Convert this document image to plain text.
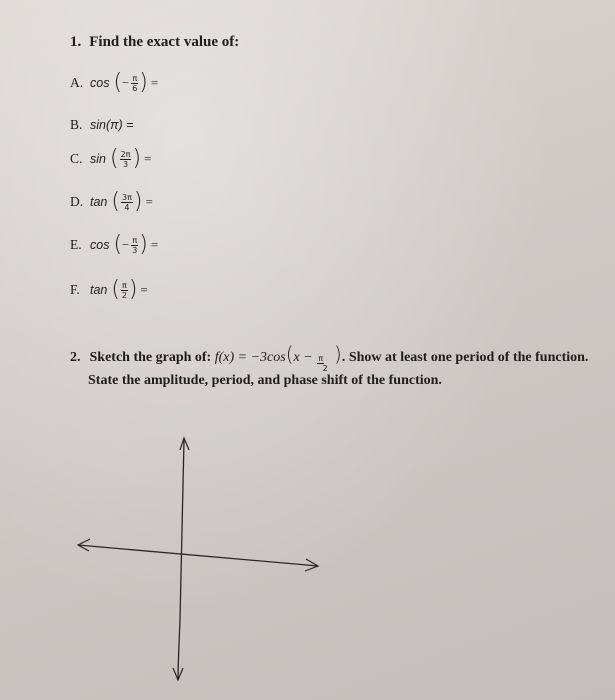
1. Find the exact value of:
A. cos ( − $\frac{\pi}{6}$ ) =
B. sin(π) =
C. sin ( $\frac{2\pi}{3}$ ) =
D. tan ( $\frac{3\pi}{4}$ ) =
E. cos ( − $\frac{\pi}{3}$ ) =
F. tan ( $\frac{\pi}{2}$ ) =
2. Sketch the graph of: f(x) = −3cos(x − π
2
). Show at least one period of the function.
State the amplitude, period, and phase shift of the function.
